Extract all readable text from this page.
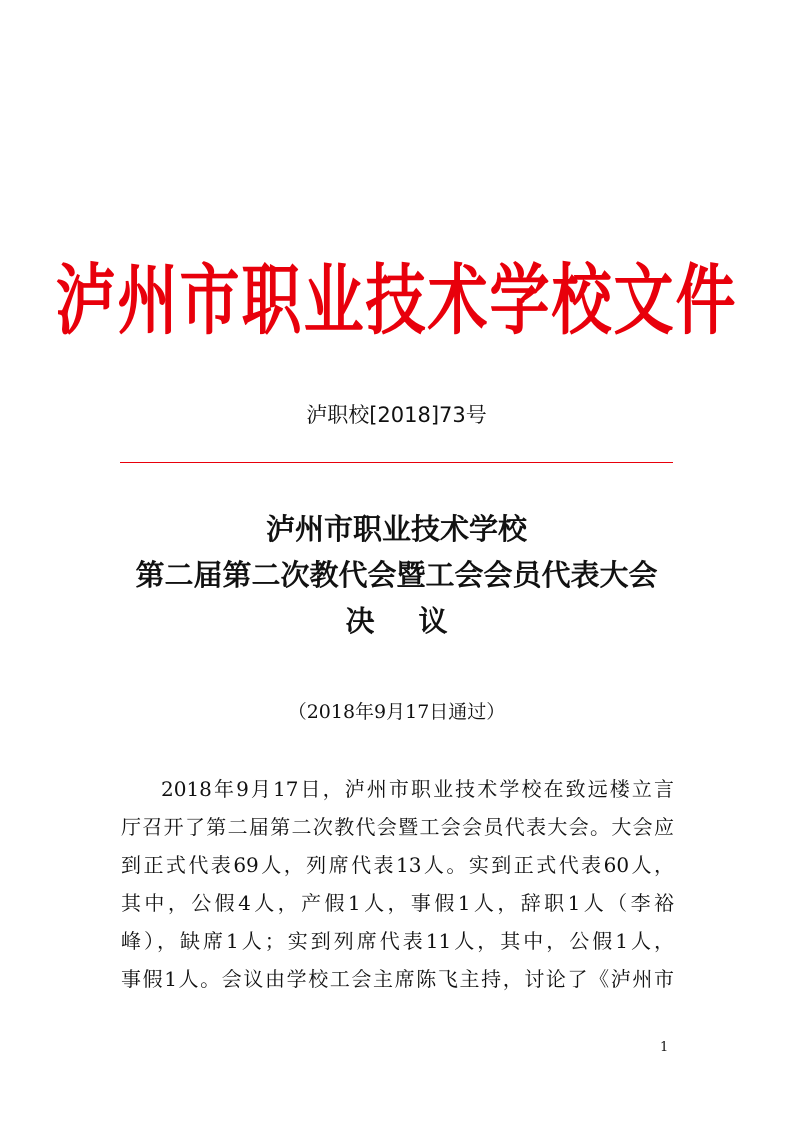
泸州市职业技术学校文件
泸职校[2018]73号
泸州市职业技术学校
第二届第二次教代会暨工会会员代表大会
决议
（2018年9月17日通过）
2018年9月17日，泸州市职业技术学校在致远楼立言
厅召开了第二届第二次教代会暨工会会员代表大会。大会应
到正式代表69人，列席代表13人。实到正式代表60人，
其中，公假4人，产假1人，事假1人，辞职1人（李裕
峰），缺席1人；实到列席代表11人，其中，公假1人，
事假1人。会议由学校工会主席陈飞主持，讨论了《泸州市
1
